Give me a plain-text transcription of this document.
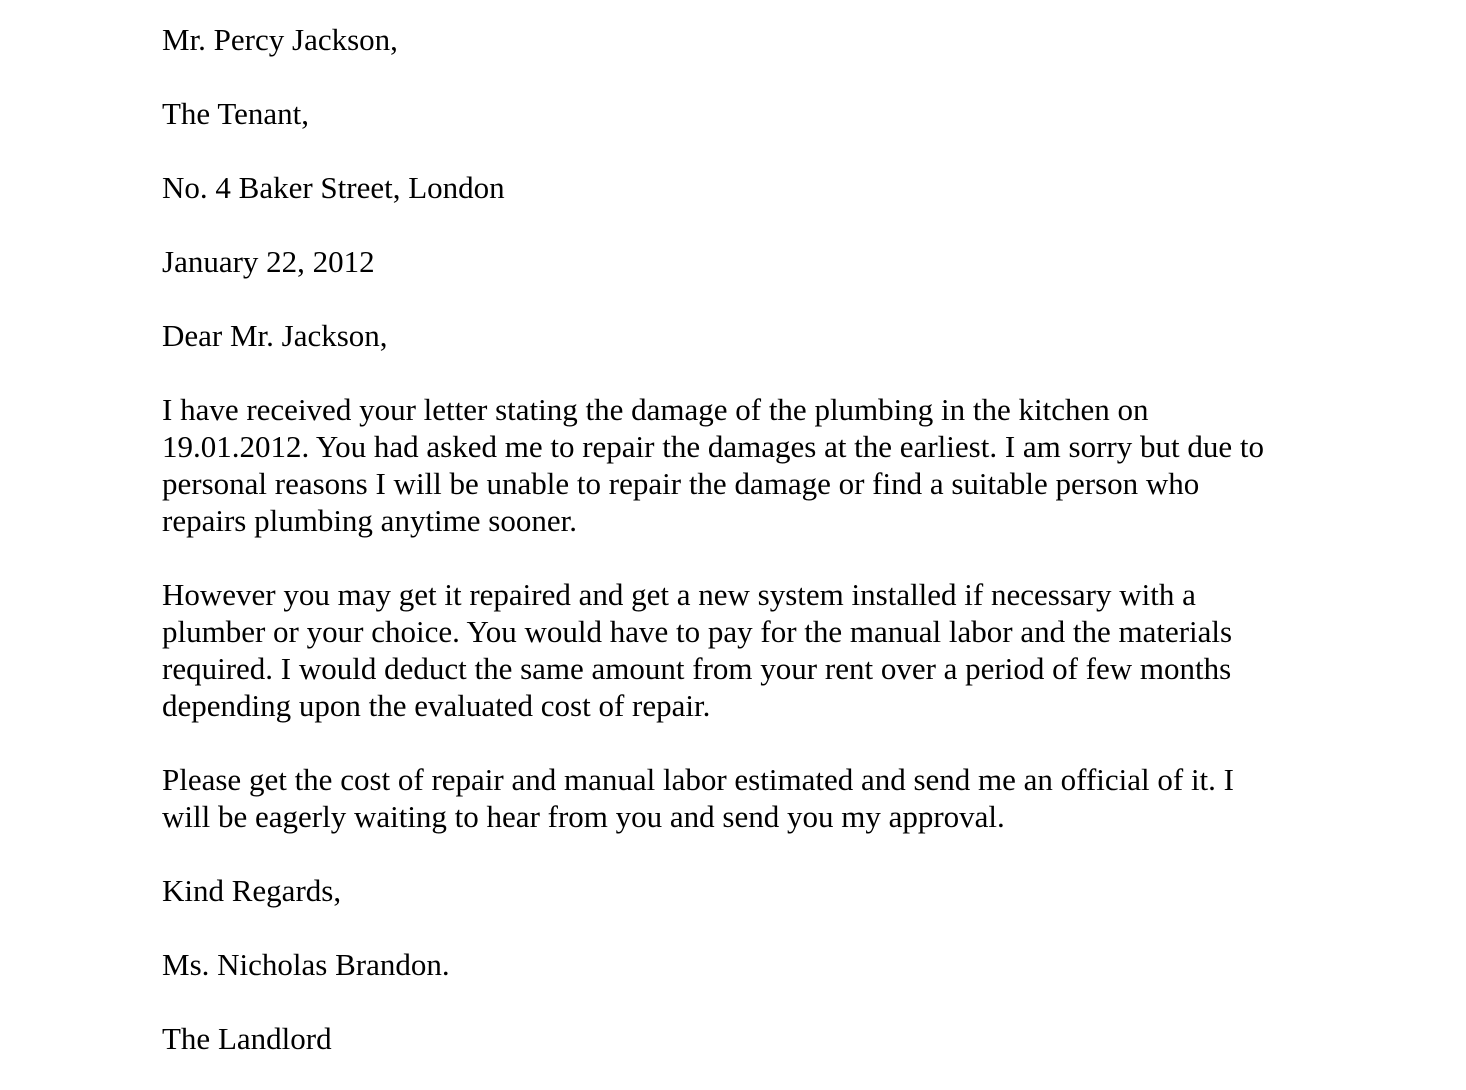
Mr. Percy Jackson,
The Tenant,
No. 4 Baker Street, London
January 22, 2012
Dear Mr. Jackson,
I have received your letter stating the damage of the plumbing in the kitchen on
19.01.2012. You had asked me to repair the damages at the earliest. I am sorry but due to
personal reasons I will be unable to repair the damage or find a suitable person who
repairs plumbing anytime sooner.
However you may get it repaired and get a new system installed if necessary with a
plumber or your choice. You would have to pay for the manual labor and the materials
required. I would deduct the same amount from your rent over a period of few months
depending upon the evaluated cost of repair.
Please get the cost of repair and manual labor estimated and send me an official of it. I
will be eagerly waiting to hear from you and send you my approval.
Kind Regards,
Ms. Nicholas Brandon.
The Landlord
